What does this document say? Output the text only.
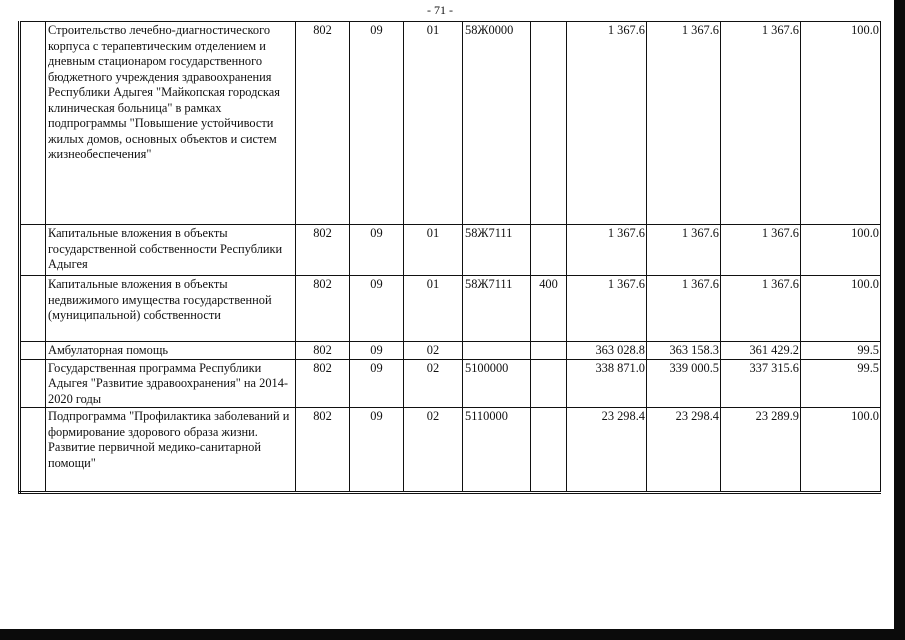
- 71 -
	Строительство лечебно-диагностического корпуса с терапевтическим отделением и дневным стационаром государственного бюджетного учреждения здравоохранения Республики Адыгея "Майкопская городская клиническая больница" в рамках подпрограммы "Повышение устойчивости жилых домов, основных объектов и систем жизнеобеспечения"	802	09	01	58Ж0000		1 367.6	1 367.6	1 367.6	100.0
	Капитальные вложения в объекты государственной собственности Республики Адыгея	802	09	01	58Ж7111		1 367.6	1 367.6	1 367.6	100.0
	Капитальные вложения в объекты недвижимого имущества государственной (муниципальной) собственности	802	09	01	58Ж7111	400	1 367.6	1 367.6	1 367.6	100.0
	Амбулаторная помощь	802	09	02			363 028.8	363 158.3	361 429.2	99.5
	Государственная программа Республики Адыгея "Развитие здравоохранения" на 2014-2020 годы	802	09	02	5100000		338 871.0	339 000.5	337 315.6	99.5
	Подпрограмма "Профилактика заболеваний и формирование здорового образа жизни. Развитие первичной медико-санитарной помощи"	802	09	02	5110000		23 298.4	23 298.4	23 289.9	100.0
